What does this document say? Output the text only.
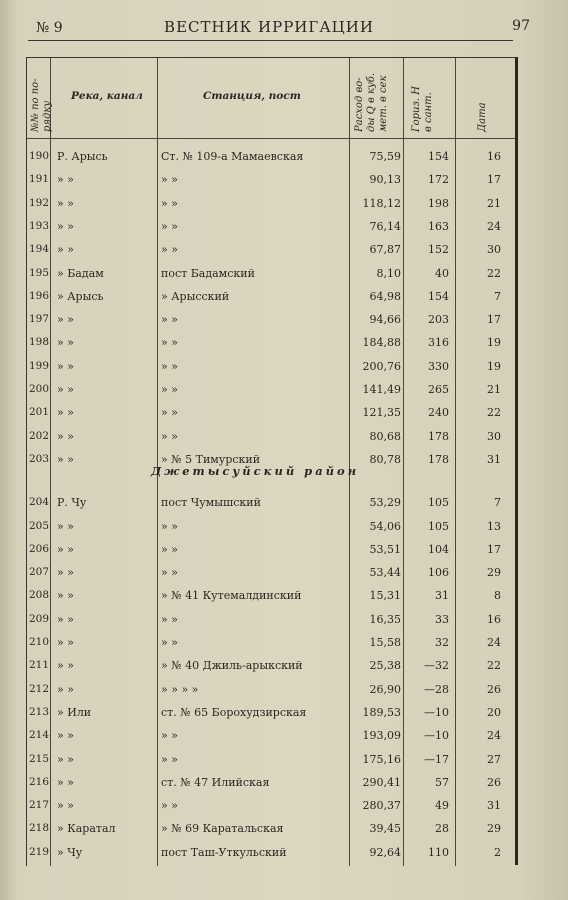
№ 9	ВЕСТНИК ИРРИГАЦИИ	97
№№ по по-
рядку
Река, канал	Станция, пост	Расход во-
ды Q в куб.
мет. в сек
Гориз. H
в сант.	Дата
190 Р. Арысь	Ст. № 109-а Мамаевская	75,59	154	16
191 » »	» »	90,13	172	17
192 » »	» »	118,12	198	21
193 » »	» »	76,14	163	24
194 » »	» »	67,87	152	30
195 » Бадам	пост Бадамский	8,10	40	22
196 » Арысь	» Арысский	64,98	154	7
197 » »	» »	94,66	203	17
198 » »	» »	184,88	316	19
199 » »	» »	200,76	330	19
200 » »	» »	141,49	265	21
201 » »	» »	121,35	240	22
202 » »	» »	80,68	178	30
203 » »	» № 5 Тимурский	80,78	178	31
204 Р. Чу	пост Чумышский	53,29	105	7
205 » »	» »	54,06	105	13
206 » »	» »	53,51	104	17
207 » »	» »	53,44	106	29
208 » »	» № 41 Кутемалдинский	15,31	31	8
209 » »	» »	16,35	33	16
210 » »	» »	15,58	32	24
211 » »	» № 40 Джиль-арыкский	25,38	—32	22
212 » »	» » » »	26,90	—28	26
213 » Или	ст. № 65 Борохудзирская	189,53	—10	20
214 » »	» »	193,09	—10	24
215 » »	» »	175,16	—17	27
216 » »	ст. № 47 Илийская	290,41	57	26
217 » »	» »	280,37	49	31
218 » Каратал	» № 69 Каратальская	39,45	28	29
219 » Чу	пост Таш-Уткульский	92,64	110	2
Джетысуйский район
